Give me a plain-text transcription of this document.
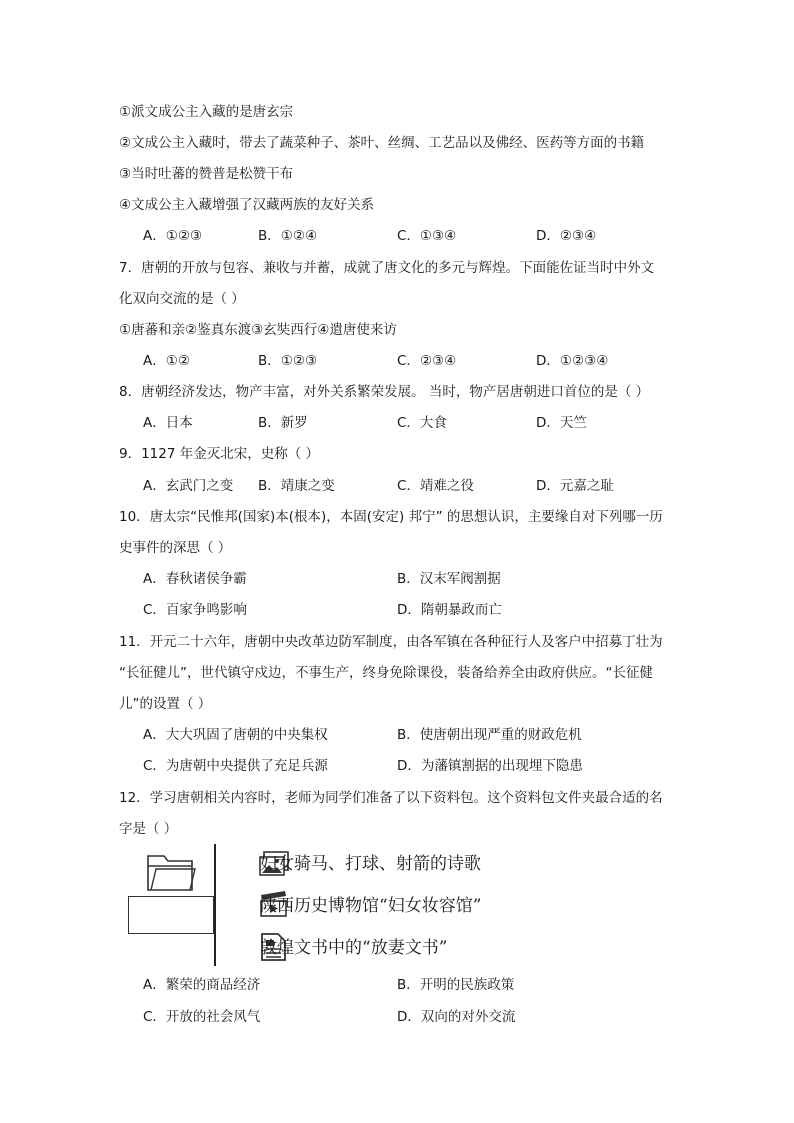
①派文成公主入藏的是唐玄宗
②文成公主入藏时，带去了蔬菜种子、茶叶、丝绸、工艺品以及佛经、医药等方面的书籍
③当时吐蕃的赞普是松赞干布
④文成公主入藏增强了汉藏两族的友好关系
A．①②③	B．①②④	C．①③④	D．②③④
7．唐朝的开放与包容、兼收与并蓄，成就了唐文化的多元与辉煌。下面能佐证当时中外文
化双向交流的是（ ）
①唐蕃和亲②鉴真东渡③玄奘西行④遣唐使来访
A．①②	B．①②③	C．②③④	D．①②③④
8．唐朝经济发达，物产丰富，对外关系繁荣发展。 当时，物产居唐朝进口首位的是（ ）
A．日本	B．新罗	C．大食	D．天竺
9．1127 年金灭北宋，史称（ ）
A．玄武门之变 B．靖康之变	C．靖难之役	D．元嘉之耻
10．唐太宗“民惟邦(国家)本(根本)，本固(安定) 邦宁” 的思想认识，主要缘自对下列哪一历
史事件的深思（ ）
A．春秋诸侯争霸	B．汉末军阀割据
C．百家争鸣影响	D．隋朝暴政而亡
11．开元二十六年，唐朝中央改革边防军制度，由各军镇在各种征行人及客户中招募丁壮为
“长征健儿”，世代镇守戍边，不事生产，终身免除课役，装备给养全由政府供应。“长征健
儿”的设置（ ）
A．大大巩固了唐朝的中央集权	B．使唐朝出现严重的财政危机
C．为唐朝中央提供了充足兵源	D．为藩镇割据的出现埋下隐患
12．学习唐朝相关内容时，老师为同学们准备了以下资料包。这个资料包文件夹最合适的名
字是（ ）
妇女骑马、打球、射箭的诗歌
陕西历史博物馆“妇女妆容馆”
敦煌文书中的“放妻文书”
A．繁荣的商品经济	B．开明的民族政策
C．开放的社会风气	D．双向的对外交流
